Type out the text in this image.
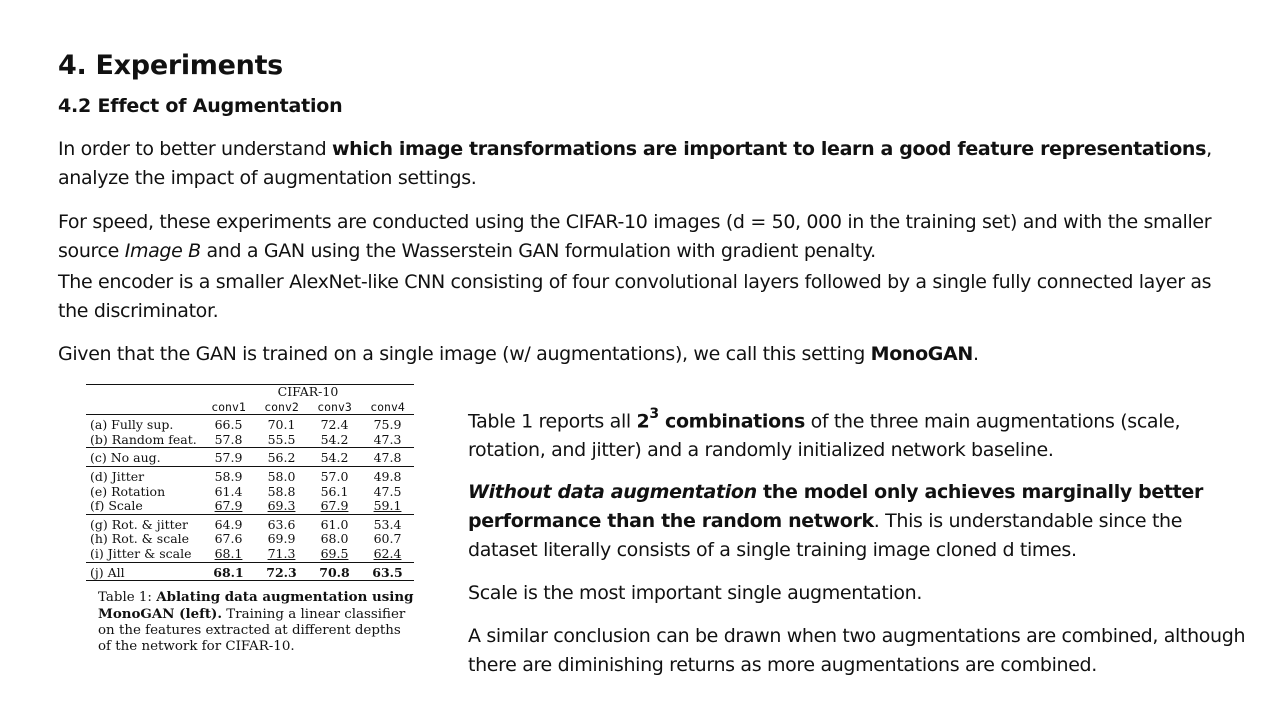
4. Experiments
4.2 Effect of Augmentation
In order to better understand which image transformations are important to learn a good feature representations, analyze the impact of augmentation settings.
For speed, these experiments are conducted using the CIFAR-10 images (d = 50, 000 in the training set) and with the smaller source Image B and a GAN using the Wasserstein GAN formulation with gradient penalty.
The encoder is a smaller AlexNet-like CNN consisting of four convolutional layers followed by a single fully connected layer as the discriminator.
Given that the GAN is trained on a single image (w/ augmentations), we call this setting MonoGAN.
	CIFAR-10			
	conv1	conv2	conv3	conv4
(a) Fully sup.	66.5	70.1	72.4	75.9
(b) Random feat.	57.8	55.5	54.2	47.3
(c) No aug.	57.9	56.2	54.2	47.8
(d) Jitter	58.9	58.0	57.0	49.8
(e) Rotation	61.4	58.8	56.1	47.5
(f) Scale	67.9	69.3	67.9	59.1
(g) Rot. & jitter	64.9	63.6	61.0	53.4
(h) Rot. & scale	67.6	69.9	68.0	60.7
(i) Jitter & scale	68.1	71.3	69.5	62.4
(j) All	68.1	72.3	70.8	63.5
Table 1: Ablating data augmentation using MonoGAN (left). Training a linear classifier on the features extracted at different depths of the network for CIFAR-10.
Table 1 reports all $2^3$ combinations of the three main augmentations (scale, rotation, and jitter) and a randomly initialized network baseline.
Without data augmentation the model only achieves marginally better performance than the random network. This is understandable since the dataset literally consists of a single training image cloned d times.
Scale is the most important single augmentation.
A similar conclusion can be drawn when two augmentations are combined, although there are diminishing returns as more augmentations are combined.
